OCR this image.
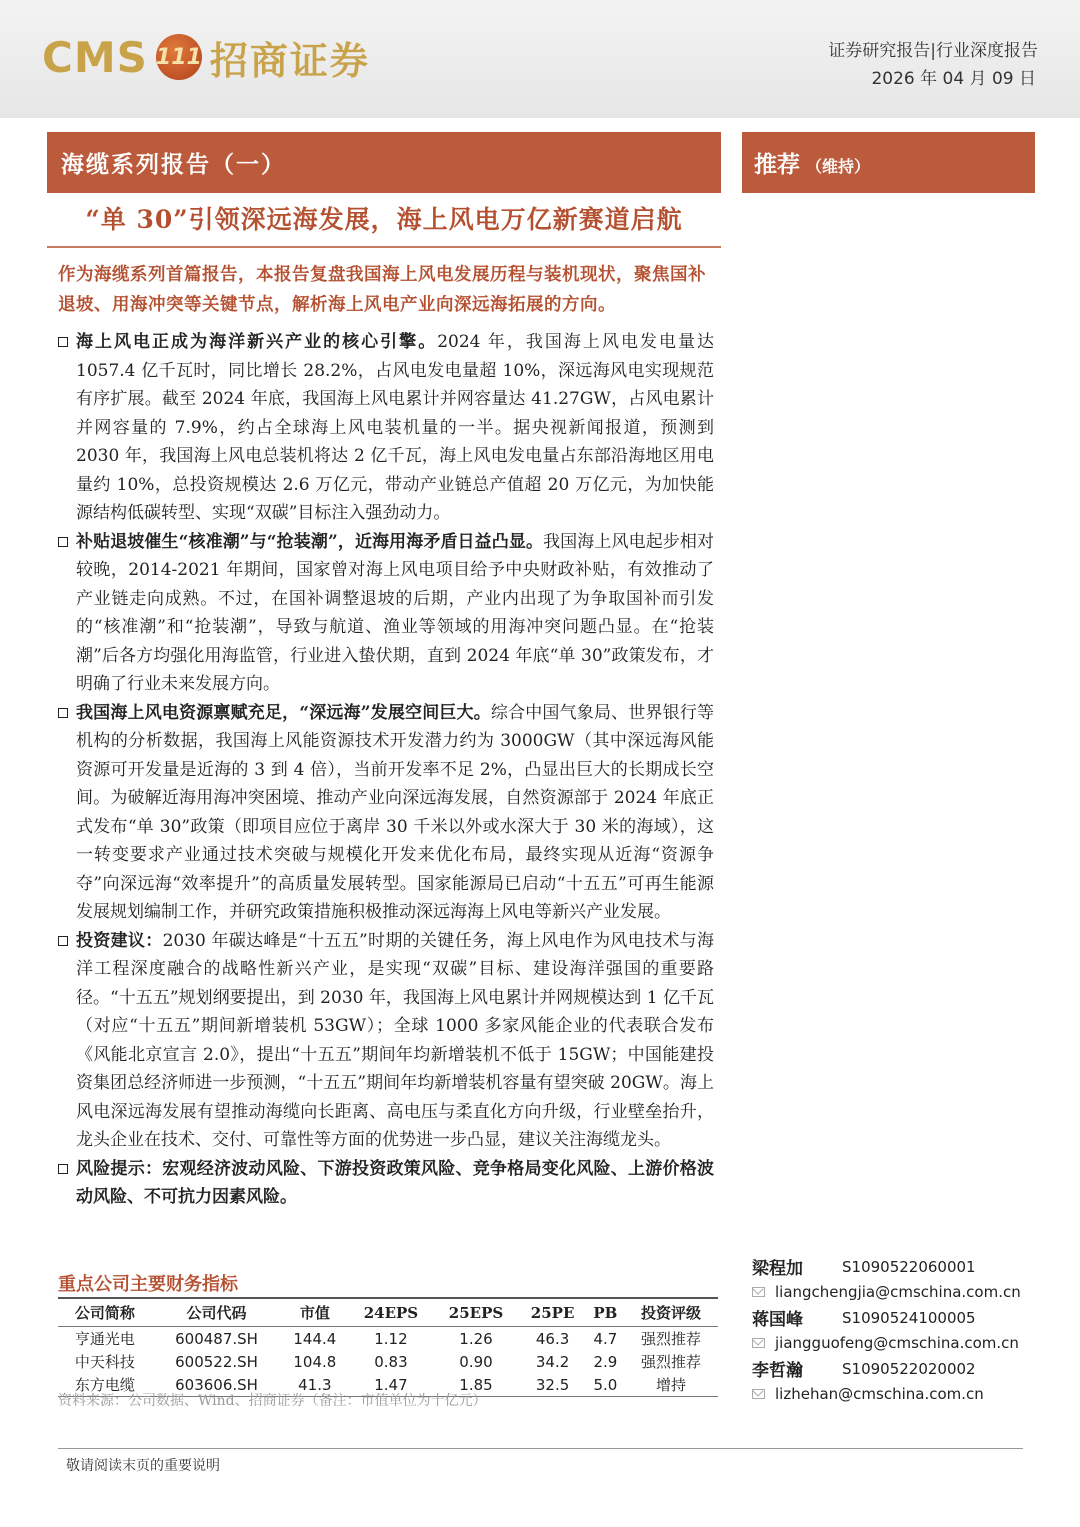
CMS 111 招商证券	证券研究报告|行业深度报告
2026 年 04 月 09 日
海缆系列报告（一）	推荐 （维持）
“单 30”引领深远海发展，海上风电万亿新赛道启航
作为海缆系列首篇报告，本报告复盘我国海上风电发展历程与装机现状，聚焦国补退坡、用海冲突等关键节点，解析海上风电产业向深远海拓展的方向。
海上风电正成为海洋新兴产业的核心引擎。2024 年，我国海上风电发电量达 1057.4 亿千瓦时，同比增长 28.2%，占风电发电量超 10%，深远海风电实现规范有序扩展。截至 2024 年底，我国海上风电累计并网容量达 41.27GW，占风电累计并网容量的 7.9%，约占全球海上风电装机量的一半。据央视新闻报道，预测到 2030 年，我国海上风电总装机将达 2 亿千瓦，海上风电发电量占东部沿海地区用电量约 10%，总投资规模达 2.6 万亿元，带动产业链总产值超 20 万亿元，为加快能源结构低碳转型、实现“双碳”目标注入强劲动力。
补贴退坡催生“核准潮”与“抢装潮”，近海用海矛盾日益凸显。我国海上风电起步相对较晚，2014-2021 年期间，国家曾对海上风电项目给予中央财政补贴，有效推动了产业链走向成熟。不过，在国补调整退坡的后期，产业内出现了为争取国补而引发的“核准潮”和“抢装潮”，导致与航道、渔业等领域的用海冲突问题凸显。在“抢装潮”后各方均强化用海监管，行业进入蛰伏期，直到 2024 年底“单 30”政策发布，才明确了行业未来发展方向。
我国海上风电资源禀赋充足，“深远海”发展空间巨大。综合中国气象局、世界银行等机构的分析数据，我国海上风能资源技术开发潜力约为 3000GW（其中深远海风能资源可开发量是近海的 3 到 4 倍），当前开发率不足 2%，凸显出巨大的长期成长空间。为破解近海用海冲突困境、推动产业向深远海发展，自然资源部于 2024 年底正式发布“单 30”政策（即项目应位于离岸 30 千米以外或水深大于 30 米的海域），这一转变要求产业通过技术突破与规模化开发来优化布局，最终实现从近海“资源争夺”向深远海“效率提升”的高质量发展转型。国家能源局已启动“十五五”可再生能源发展规划编制工作，并研究政策措施积极推动深远海海上风电等新兴产业发展。
投资建议：2030 年碳达峰是“十五五”时期的关键任务，海上风电作为风电技术与海洋工程深度融合的战略性新兴产业，是实现“双碳”目标、建设海洋强国的重要路径。“十五五”规划纲要提出，到 2030 年，我国海上风电累计并网规模达到 1 亿千瓦（对应“十五五”期间新增装机 53GW）；全球 1000 多家风能企业的代表联合发布《风能北京宣言 2.0》，提出“十五五”期间年均新增装机不低于 15GW；中国能建投资集团总经济师进一步预测，“十五五”期间年均新增装机容量有望突破 20GW。海上风电深远海发展有望推动海缆向长距离、高电压与柔直化方向升级，行业壁垒抬升，龙头企业在技术、交付、可靠性等方面的优势进一步凸显，建议关注海缆龙头。
风险提示：宏观经济波动风险、下游投资政策风险、竞争格局变化风险、上游价格波动风险、不可抗力因素风险。
重点公司主要财务指标
公司简称	公司代码	市值	24EPS	25EPS	25PE	PB	投资评级
亨通光电	600487.SH	144.4	1.12	1.26	46.3	4.7	强烈推荐
中天科技	600522.SH	104.8	0.83	0.90	34.2	2.9	强烈推荐
东方电缆	603606.SH	41.3	1.47	1.85	32.5	5.0	增持
资料来源：公司数据、Wind、招商证券（备注：市值单位为十亿元）
梁程加	S1090522060001
liangchengjia@cmschina.com.cn
蒋国峰	S1090524100005
jiangguofeng@cmschina.com.cn
李哲瀚	S1090522020002
lizhehan@cmschina.com.cn
敬请阅读末页的重要说明
